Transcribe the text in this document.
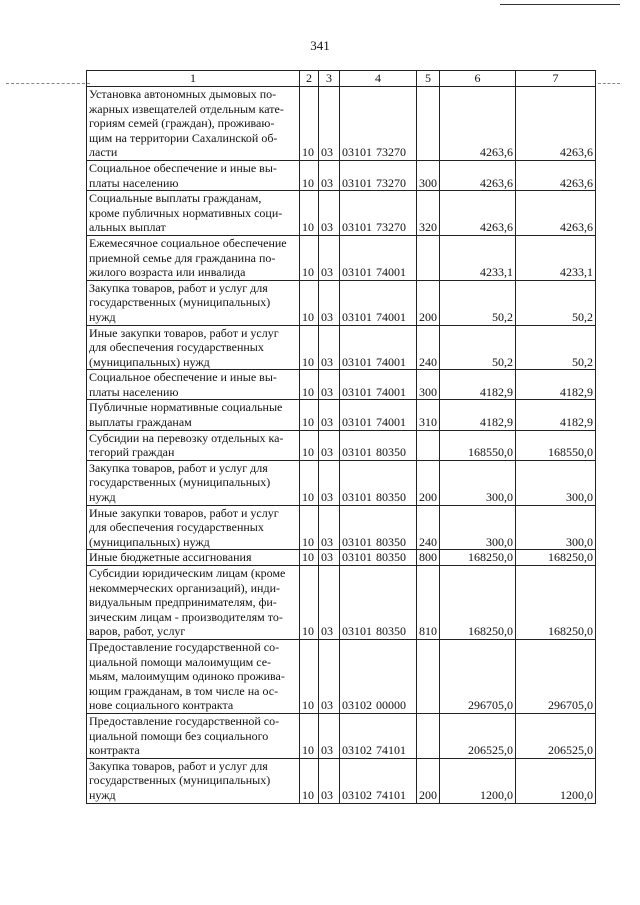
341
1	2	3	4	5	6	7

Установка автономных дымовых по-
жарных извещателей отдельным кате-
гориям семей (граждан), проживаю-
щим на территории Сахалинской об-
ласти	10	03	03101 73270		4263,6	4263,6

Социальное обеспечение и иные вы-
платы населению	10	03	03101 73270	300	4263,6	4263,6

Социальные выплаты гражданам,
кроме публичных нормативных соци-
альных выплат	10	03	03101 73270	320	4263,6	4263,6

Ежемесячное социальное обеспечение
приемной семье для гражданина по-
жилого возраста или инвалида	10	03	03101 74001		4233,1	4233,1

Закупка товаров, работ и услуг для
государственных (муниципальных)
нужд	10	03	03101 74001	200	50,2	50,2

Иные закупки товаров, работ и услуг
для обеспечения государственных
(муниципальных) нужд	10	03	03101 74001	240	50,2	50,2

Социальное обеспечение и иные вы-
платы населению	10	03	03101 74001	300	4182,9	4182,9

Публичные нормативные социальные
выплаты гражданам	10	03	03101 74001	310	4182,9	4182,9

Субсидии на перевозку отдельных ка-
тегорий граждан	10	03	03101 80350		168550,0	168550,0

Закупка товаров, работ и услуг для
государственных (муниципальных)
нужд	10	03	03101 80350	200	300,0	300,0

Иные закупки товаров, работ и услуг
для обеспечения государственных
(муниципальных) нужд	10	03	03101 80350	240	300,0	300,0

Иные бюджетные ассигнования	10	03	03101 80350	800	168250,0	168250,0

Субсидии юридическим лицам (кроме
некоммерческих организаций), инди-
видуальным предпринимателям, фи-
зическим лицам - производителям то-
варов, работ, услуг	10	03	03101 80350	810	168250,0	168250,0

Предоставление государственной со-
циальной помощи малоимущим се-
мьям, малоимущим одиноко прожива-
ющим гражданам, в том числе на ос-
нове социального контракта	10	03	03102 00000		296705,0	296705,0

Предоставление государственной со-
циальной помощи без социального
контракта	10	03	03102 74101		206525,0	206525,0

Закупка товаров, работ и услуг для
государственных (муниципальных)
нужд	10	03	03102 74101	200	1200,0	1200,0
